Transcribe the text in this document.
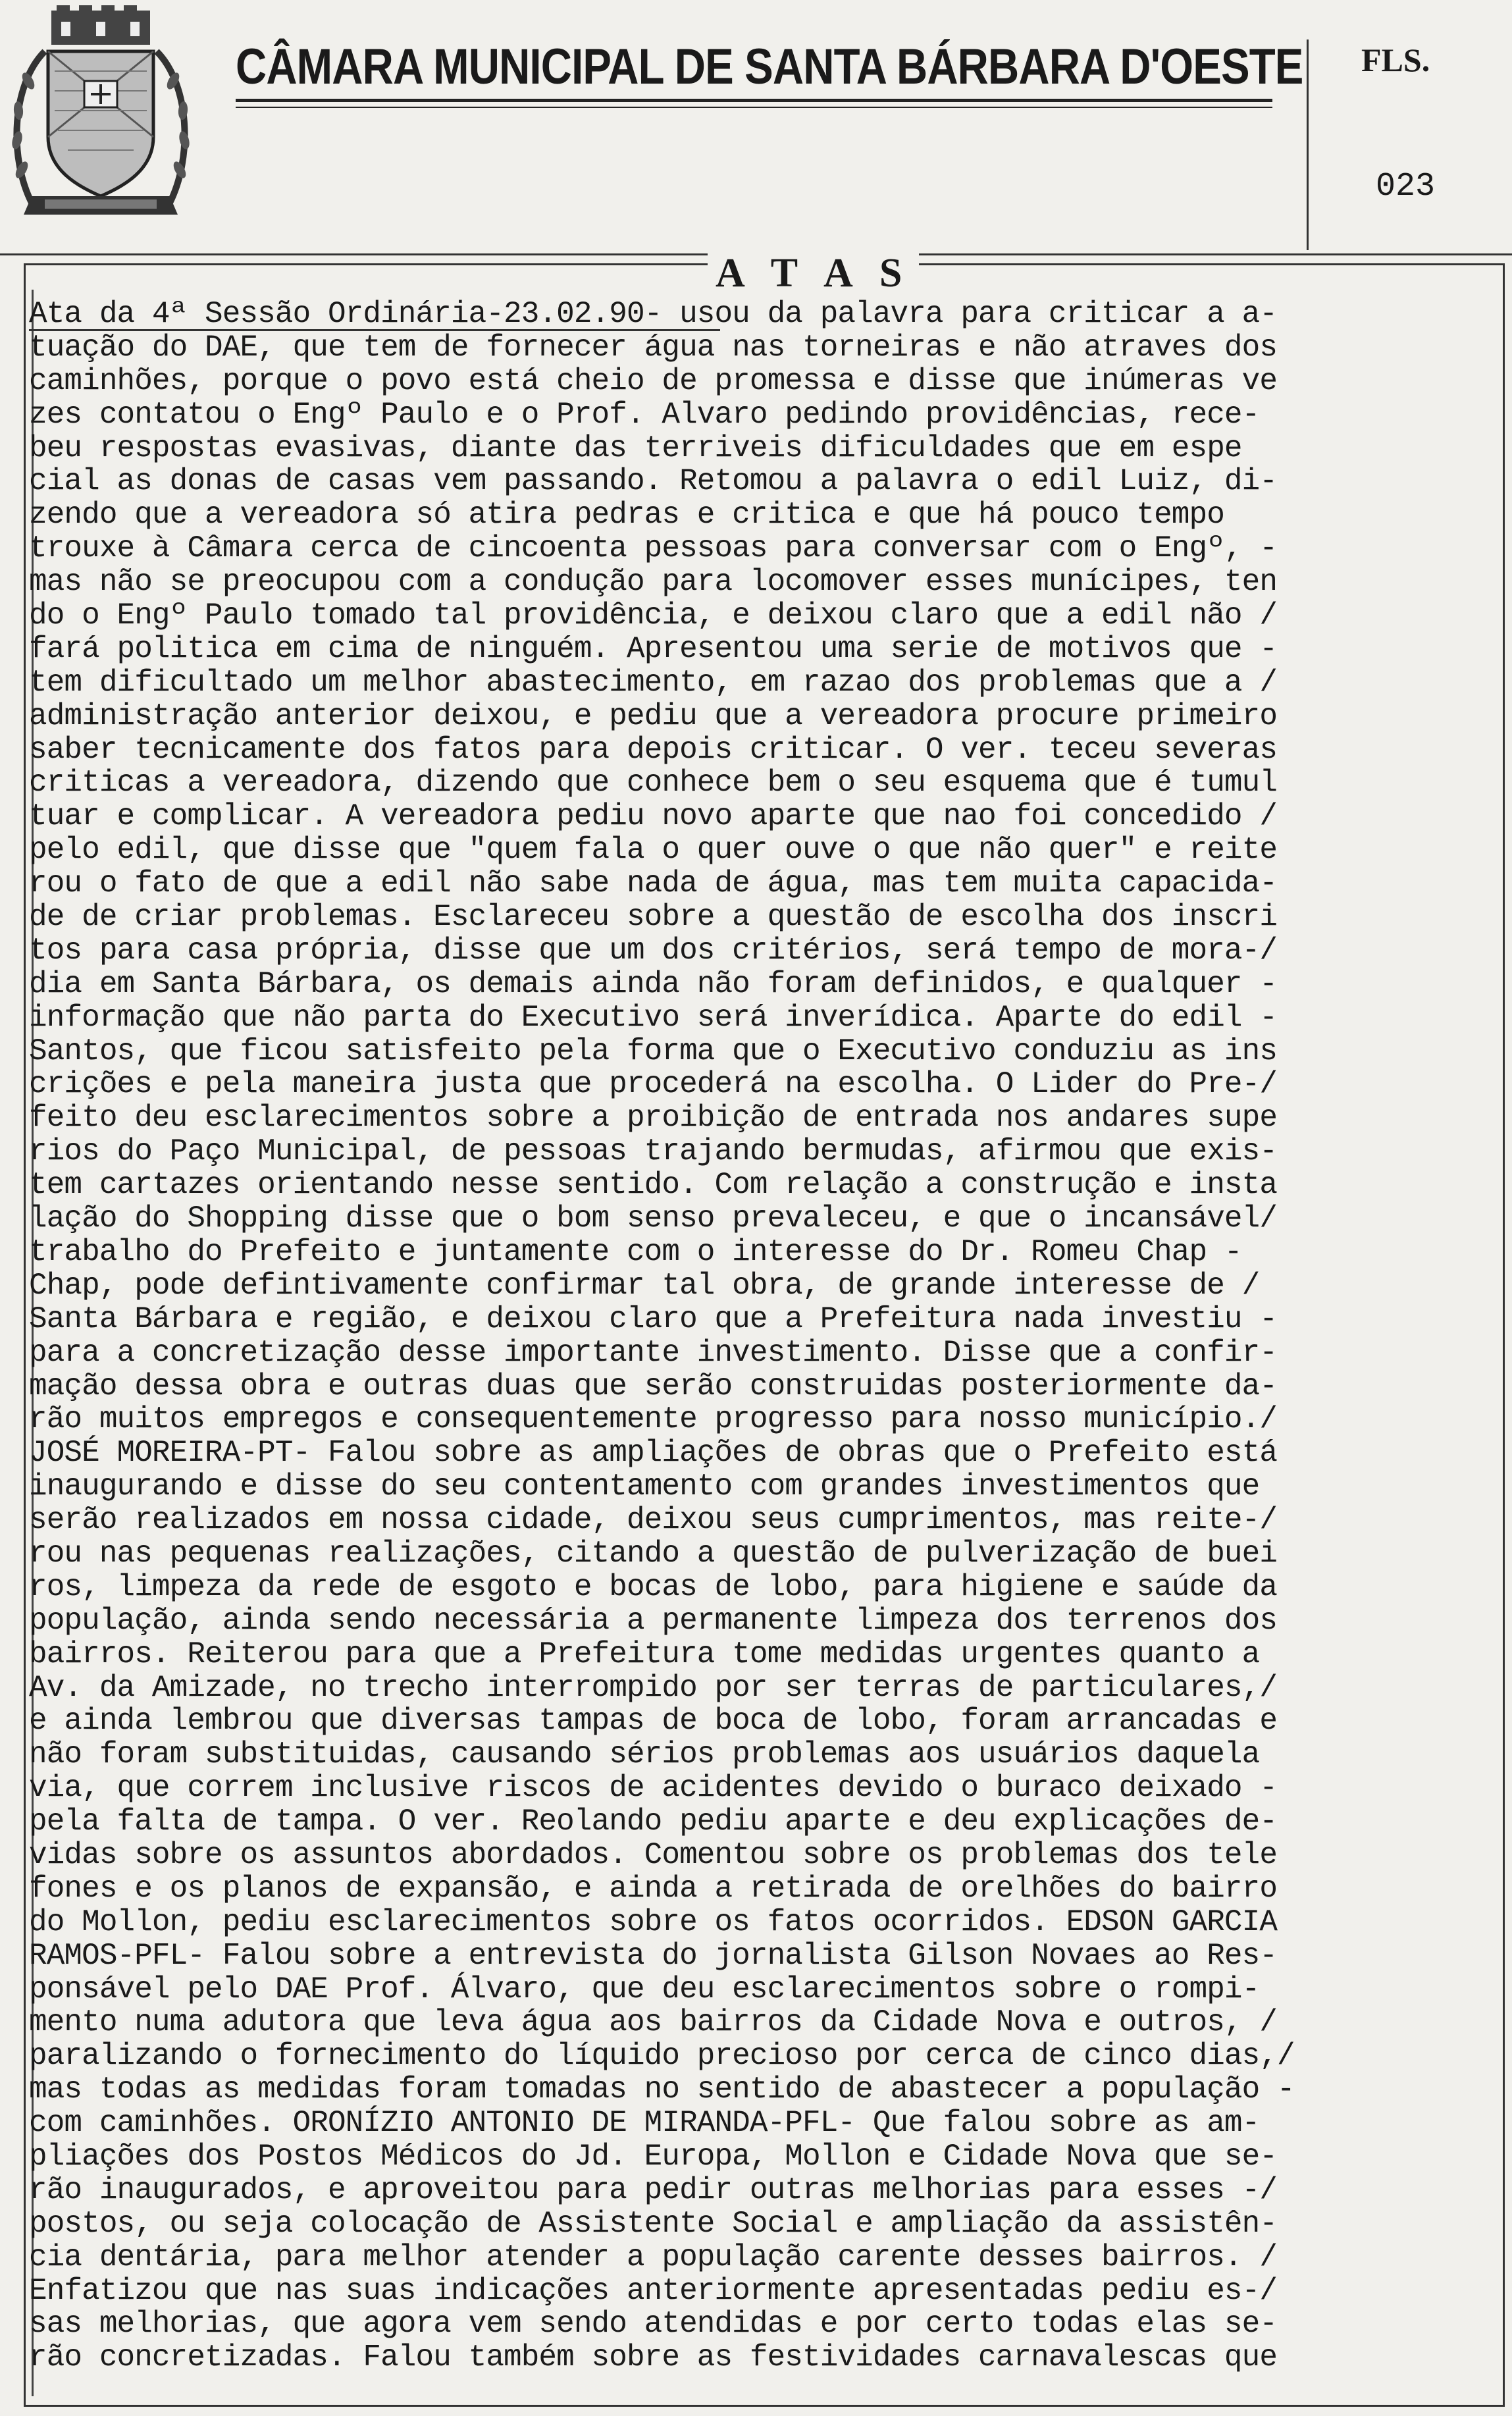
CÂMARA MUNICIPAL DE SANTA BÁRBARA D'OESTE FLS.
023
A T A S
Ata da 4ª Sessão Ordinária-23.02.90- usou da palavra para criticar a a-
tuação do DAE, que tem de fornecer água nas torneiras e não atraves dos
caminhões, porque o povo está cheio de promessa e disse que inúmeras ve
zes contatou o Engº Paulo e o Prof. Alvaro pedindo providências, rece-
beu respostas evasivas, diante das terriveis dificuldades que em espe
cial as donas de casas vem passando. Retomou a palavra o edil Luiz, di-
zendo que a vereadora só atira pedras e critica e que há pouco tempo
trouxe à Câmara cerca de cincoenta pessoas para conversar com o Engº, -
mas não se preocupou com a condução para locomover esses munícipes, ten
do o Engº Paulo tomado tal providência, e deixou claro que a edil não /
fará politica em cima de ninguém. Apresentou uma serie de motivos que -
tem dificultado um melhor abastecimento, em razao dos problemas que a /
administração anterior deixou, e pediu que a vereadora procure primeiro
saber tecnicamente dos fatos para depois criticar. O ver. teceu severas
criticas a vereadora, dizendo que conhece bem o seu esquema que é tumul
tuar e complicar. A vereadora pediu novo aparte que nao foi concedido /
pelo edil, que disse que "quem fala o quer ouve o que não quer" e reite
rou o fato de que a edil não sabe nada de água, mas tem muita capacida-
de de criar problemas. Esclareceu sobre a questão de escolha dos inscri
tos para casa própria, disse que um dos critérios, será tempo de mora-/
dia em Santa Bárbara, os demais ainda não foram definidos, e qualquer -
informação que não parta do Executivo será inverídica. Aparte do edil -
Santos, que ficou satisfeito pela forma que o Executivo conduziu as ins
crições e pela maneira justa que procederá na escolha. O Lider do Pre-/
feito deu esclarecimentos sobre a proibição de entrada nos andares supe
rios do Paço Municipal, de pessoas trajando bermudas, afirmou que exis-
tem cartazes orientando nesse sentido. Com relação a construção e insta
lação do Shopping disse que o bom senso prevaleceu, e que o incansável/
trabalho do Prefeito e juntamente com o interesse do Dr. Romeu Chap -
Chap, pode defintivamente confirmar tal obra, de grande interesse de /
Santa Bárbara e região, e deixou claro que a Prefeitura nada investiu -
para a concretização desse importante investimento. Disse que a confir-
mação dessa obra e outras duas que serão construidas posteriormente da-
rão muitos empregos e consequentemente progresso para nosso município./
JOSÉ MOREIRA-PT- Falou sobre as ampliações de obras que o Prefeito está
inaugurando e disse do seu contentamento com grandes investimentos que
serão realizados em nossa cidade, deixou seus cumprimentos, mas reite-/
rou nas pequenas realizações, citando a questão de pulverização de buei
ros, limpeza da rede de esgoto e bocas de lobo, para higiene e saúde da
população, ainda sendo necessária a permanente limpeza dos terrenos dos
bairros. Reiterou para que a Prefeitura tome medidas urgentes quanto a
Av. da Amizade, no trecho interrompido por ser terras de particulares,/
e ainda lembrou que diversas tampas de boca de lobo, foram arrancadas e
não foram substituidas, causando sérios problemas aos usuários daquela
via, que correm inclusive riscos de acidentes devido o buraco deixado -
pela falta de tampa. O ver. Reolando pediu aparte e deu explicações de-
vidas sobre os assuntos abordados. Comentou sobre os problemas dos tele
fones e os planos de expansão, e ainda a retirada de orelhões do bairro
do Mollon, pediu esclarecimentos sobre os fatos ocorridos. EDSON GARCIA
RAMOS-PFL- Falou sobre a entrevista do jornalista Gilson Novaes ao Res-
ponsável pelo DAE Prof. Álvaro, que deu esclarecimentos sobre o rompi-
mento numa adutora que leva água aos bairros da Cidade Nova e outros, /
paralizando o fornecimento do líquido precioso por cerca de cinco dias,/
mas todas as medidas foram tomadas no sentido de abastecer a população -
com caminhões. ORONÍZIO ANTONIO DE MIRANDA-PFL- Que falou sobre as am-
pliações dos Postos Médicos do Jd. Europa, Mollon e Cidade Nova que se-
rão inaugurados, e aproveitou para pedir outras melhorias para esses -/
postos, ou seja colocação de Assistente Social e ampliação da assistên-
cia dentária, para melhor atender a população carente desses bairros. /
Enfatizou que nas suas indicações anteriormente apresentadas pediu es-/
sas melhorias, que agora vem sendo atendidas e por certo todas elas se-
rão concretizadas. Falou também sobre as festividades carnavalescas que
